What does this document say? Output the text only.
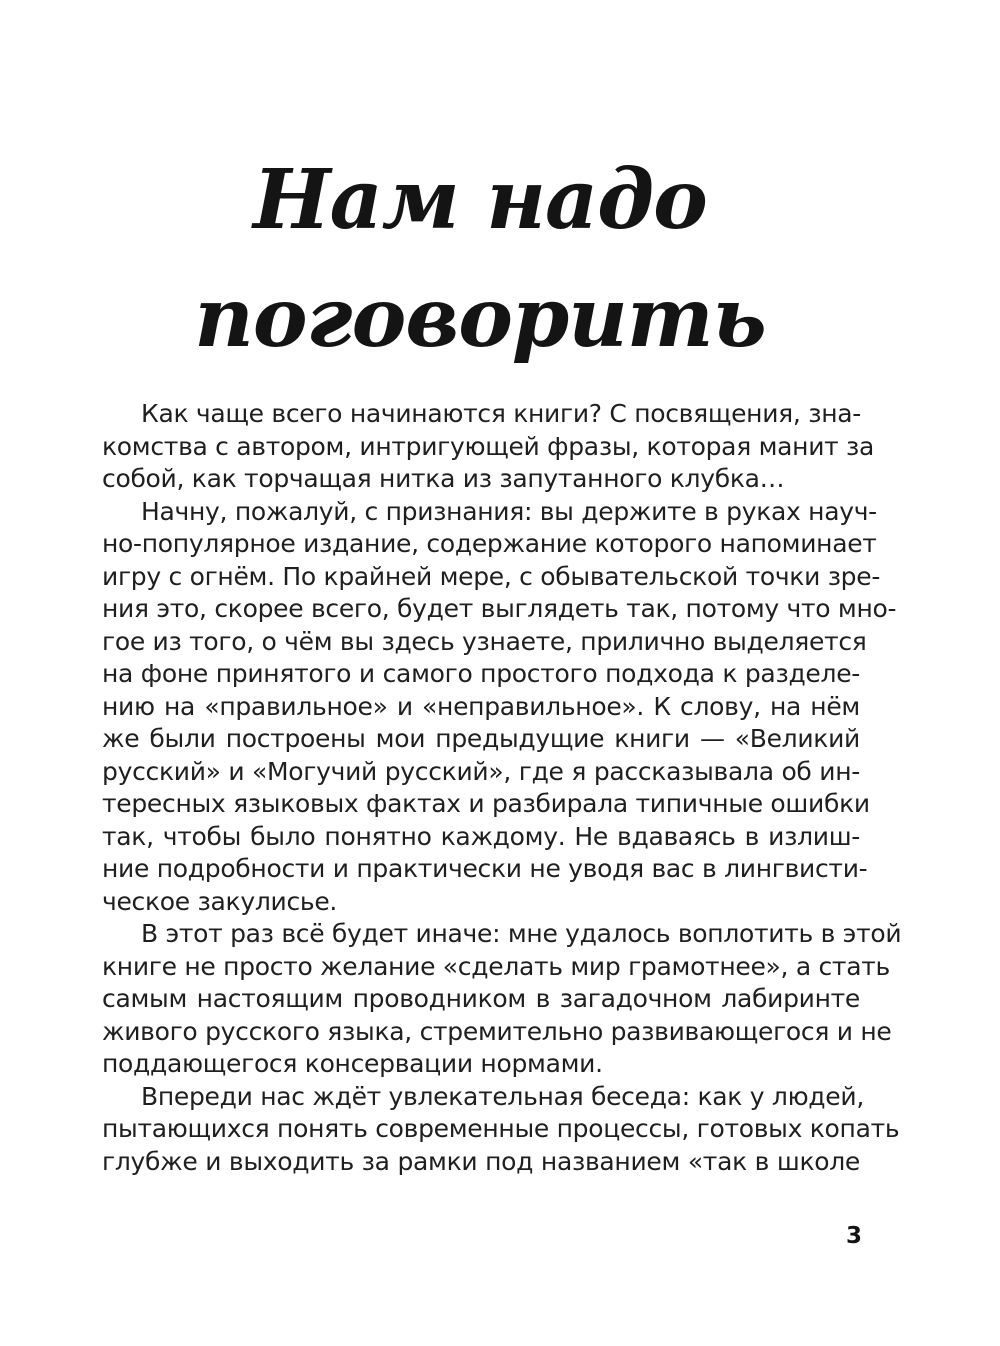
Нам надо
поговорить

Как чаще всего начинаются книги? С посвящения, зна-
комства с автором, интригующей фразы, которая манит за
собой, как торчащая нитка из запутанного клубка…

Начну, пожалуй, с признания: вы держите в руках науч-
но-популярное издание, содержание которого напоминает
игру с огнём. По крайней мере, с обывательской точки зре-
ния это, скорее всего, будет выглядеть так, потому что мно-
гое из того, о чём вы здесь узнаете, прилично выделяется
на фоне принятого и самого простого подхода к разделе-
нию на «правильное» и «неправильное». К слову, на нём
же были построены мои предыдущие книги — «Великий
русский» и «Могучий русский», где я рассказывала об ин-
тересных языковых фактах и разбирала типичные ошибки
так, чтобы было понятно каждому. Не вдаваясь в излиш-
ние подробности и практически не уводя вас в лингвисти-
ческое закулисье.

В этот раз всё будет иначе: мне удалось воплотить в этой
книге не просто желание «сделать мир грамотнее», а стать
самым настоящим проводником в загадочном лабиринте
живого русского языка, стремительно развивающегося и не
поддающегося консервации нормами.

Впереди нас ждёт увлекательная беседа: как у людей,
пытающихся понять современные процессы, готовых копать
глубже и выходить за рамки под названием «так в школе

3
